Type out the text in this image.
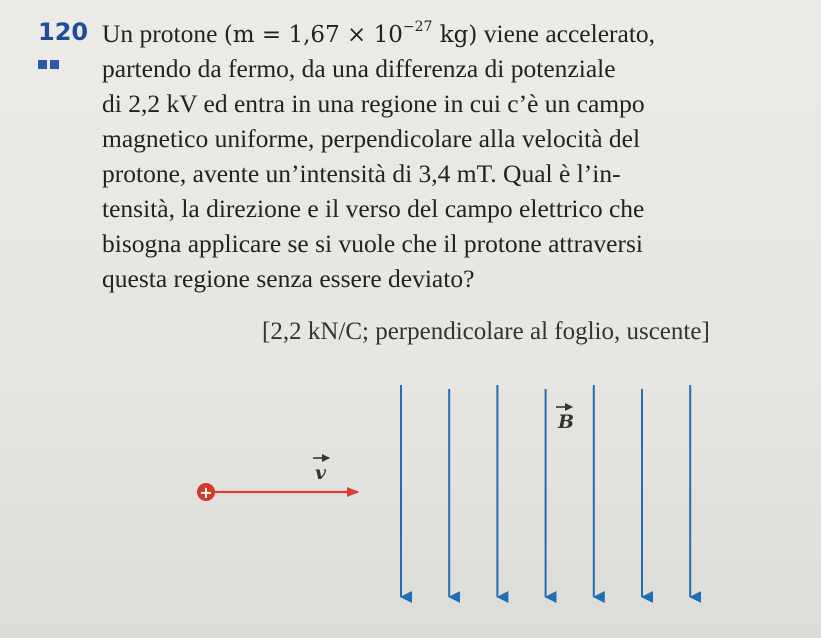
120 Un protone ($m = 1,67 \times 10^{-27}$ kg) viene accelerato,
partendo da fermo, da una differenza di potenziale
di 2,2 kV ed entra in una regione in cui c’è un campo
magnetico uniforme, perpendicolare alla velocità del
protone, avente un’intensità di 3,4 mT. Qual è l’in-
tensità, la direzione e il verso del campo elettrico che
bisogna applicare se si vuole che il protone attraversi
questa regione senza essere deviato?
[2,2 kN/C; perpendicolare al foglio, uscente]
B
v
+
